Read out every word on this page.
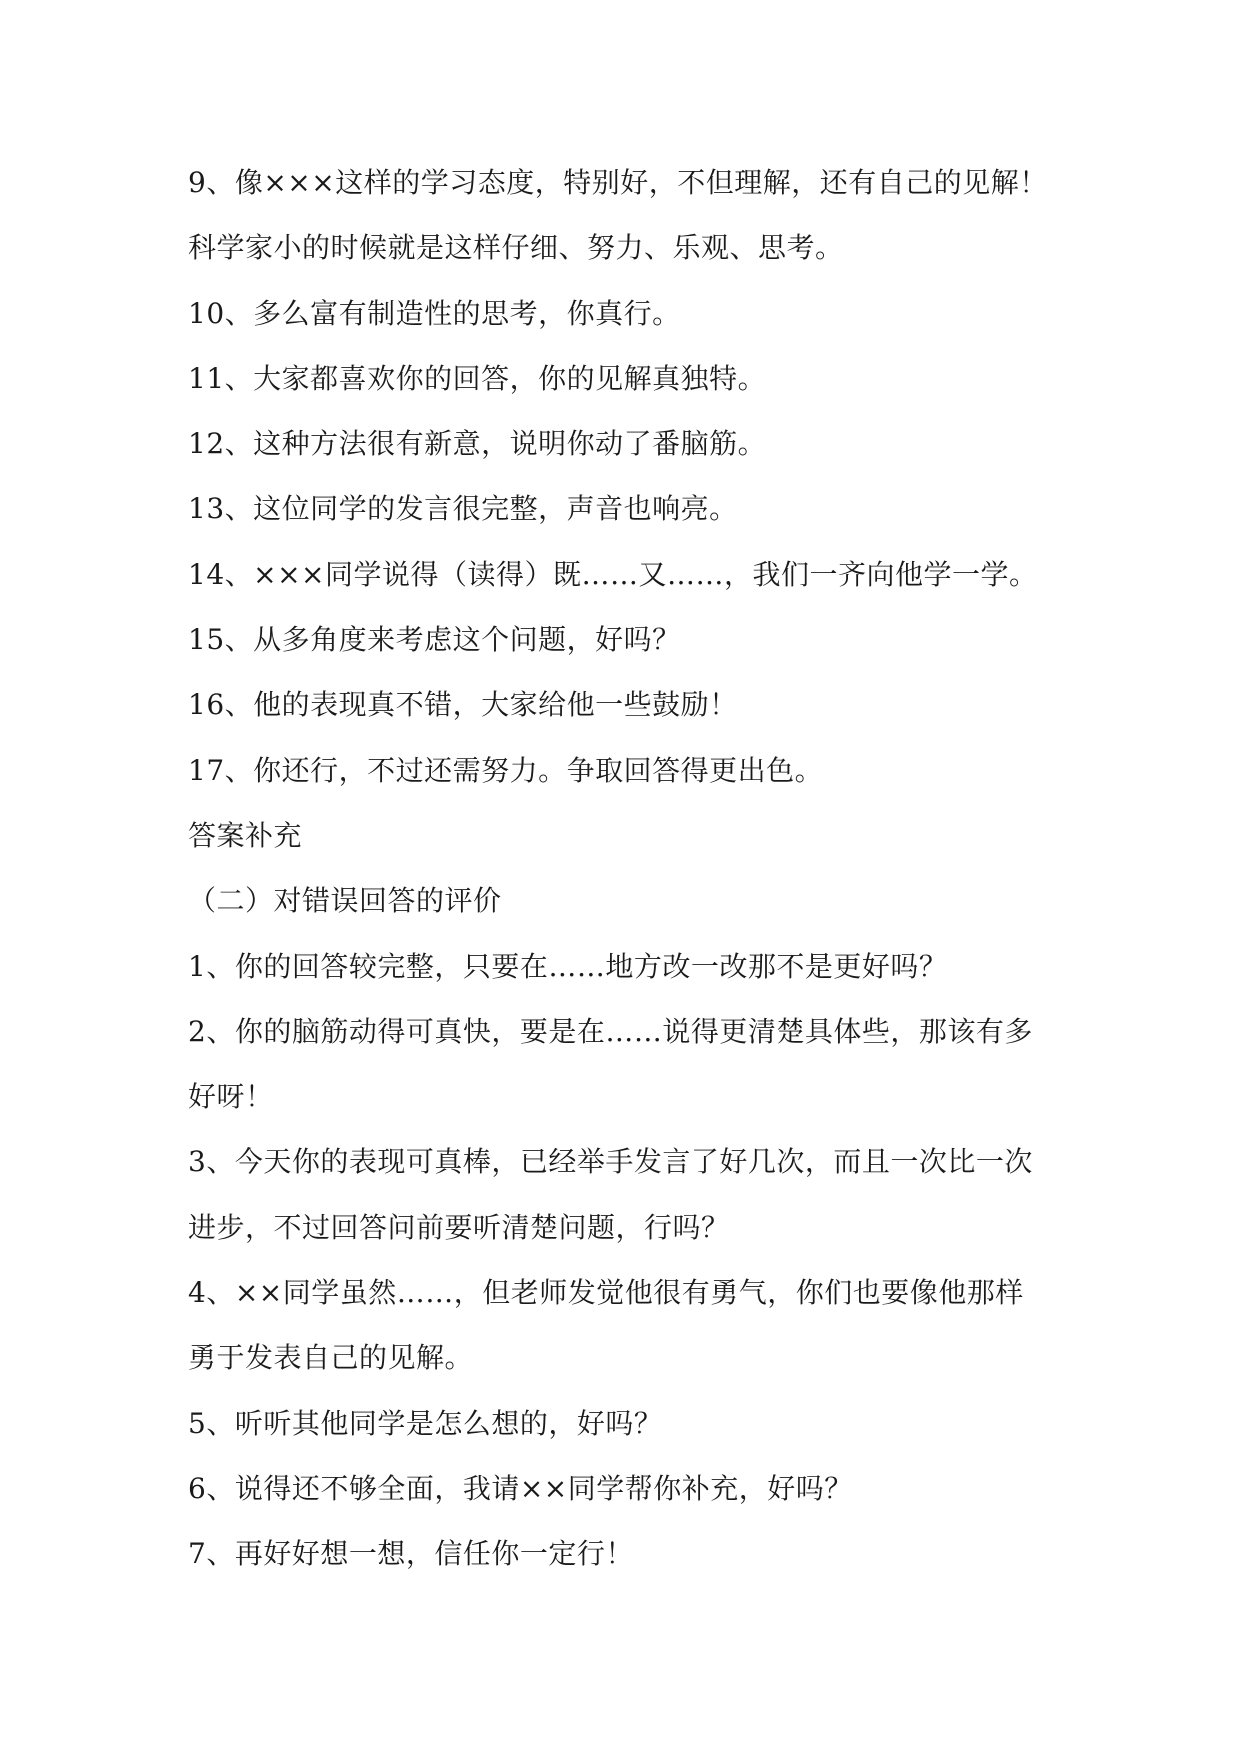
9、像×××这样的学习态度，特别好，不但理解，还有自己的见解！
科学家小的时候就是这样仔细、努力、乐观、思考。
10、多么富有制造性的思考，你真行。
11、大家都喜欢你的回答，你的见解真独特。
12、这种方法很有新意，说明你动了番脑筋。
13、这位同学的发言很完整，声音也响亮。
14、×××同学说得（读得）既……又……，我们一齐向他学一学。
15、从多角度来考虑这个问题，好吗？
16、他的表现真不错，大家给他一些鼓励！
17、你还行，不过还需努力。争取回答得更出色。
答案补充
（二）对错误回答的评价
1、你的回答较完整，只要在……地方改一改那不是更好吗？
2、你的脑筋动得可真快，要是在……说得更清楚具体些，那该有多
好呀！
3、今天你的表现可真棒，已经举手发言了好几次，而且一次比一次
进步，不过回答问前要听清楚问题，行吗？
4、××同学虽然……，但老师发觉他很有勇气，你们也要像他那样
勇于发表自己的见解。
5、听听其他同学是怎么想的，好吗？
6、说得还不够全面，我请××同学帮你补充，好吗？
7、再好好想一想，信任你一定行！
